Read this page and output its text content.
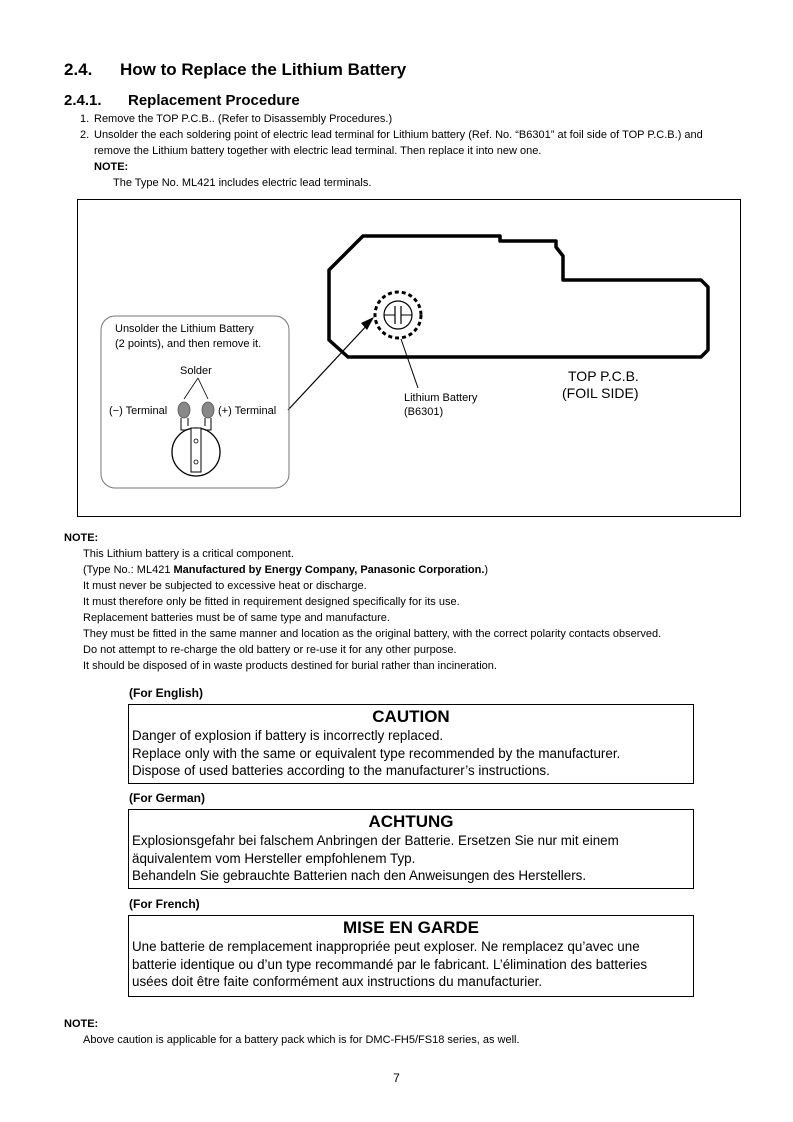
2.4. How to Replace the Lithium Battery
2.4.1. Replacement Procedure
1. Remove the TOP P.C.B.. (Refer to Disassembly Procedures.)
2. Unsolder the each soldering point of electric lead terminal for Lithium battery (Ref. No. “B6301” at foil side of TOP P.C.B.) and
remove the Lithium battery together with electric lead terminal. Then replace it into new one.
NOTE:
The Type No. ML421 includes electric lead terminals.
Unsolder the Lithium Battery
(2 points), and then remove it.
Solder
(−) Terminal	(+) Terminal
Lithium Battery
(B6301)
TOP P.C.B.
(FOIL SIDE)
NOTE:
This Lithium battery is a critical component.
(Type No.: ML421 Manufactured by Energy Company, Panasonic Corporation.)
It must never be subjected to excessive heat or discharge.
It must therefore only be fitted in requirement designed specifically for its use.
Replacement batteries must be of same type and manufacture.
They must be fitted in the same manner and location as the original battery, with the correct polarity contacts observed.
Do not attempt to re-charge the old battery or re-use it for any other purpose.
It should be disposed of in waste products destined for burial rather than incineration.
(For English)
CAUTION
Danger of explosion if battery is incorrectly replaced.
Replace only with the same or equivalent type recommended by the manufacturer.
Dispose of used batteries according to the manufacturer’s instructions.
(For German)
ACHTUNG
Explosionsgefahr bei falschem Anbringen der Batterie. Ersetzen Sie nur mit einem
äquivalentem vom Hersteller empfohlenem Typ.
Behandeln Sie gebrauchte Batterien nach den Anweisungen des Herstellers.
(For French)
MISE EN GARDE
Une batterie de remplacement inappropriée peut exploser. Ne remplacez qu’avec une
batterie identique ou d’un type recommandé par le fabricant. L’élimination des batteries
usées doit être faite conformément aux instructions du manufacturier.
NOTE:
Above caution is applicable for a battery pack which is for DMC-FH5/FS18 series, as well.
7
